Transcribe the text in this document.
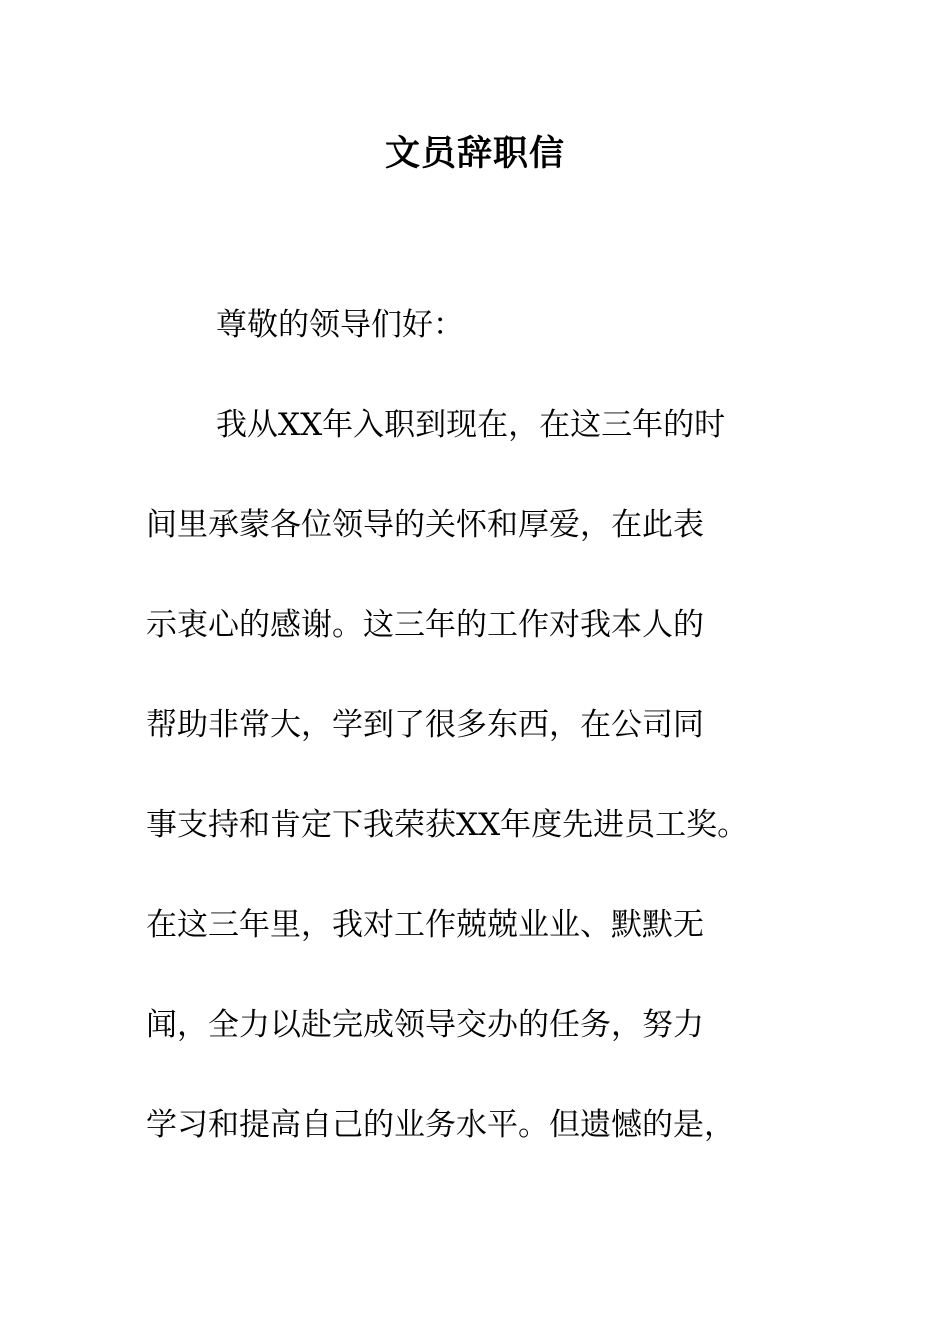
文员辞职信

尊敬的领导们好：

我从XX年入职到现在，在这三年的时

间里承蒙各位领导的关怀和厚爱，在此表

示衷心的感谢。这三年的工作对我本人的

帮助非常大，学到了很多东西，在公司同

事支持和肯定下我荣获XX年度先进员工奖。

在这三年里，我对工作兢兢业业、默默无

闻，全力以赴完成领导交办的任务，努力

学习和提高自己的业务水平。但遗憾的是，
